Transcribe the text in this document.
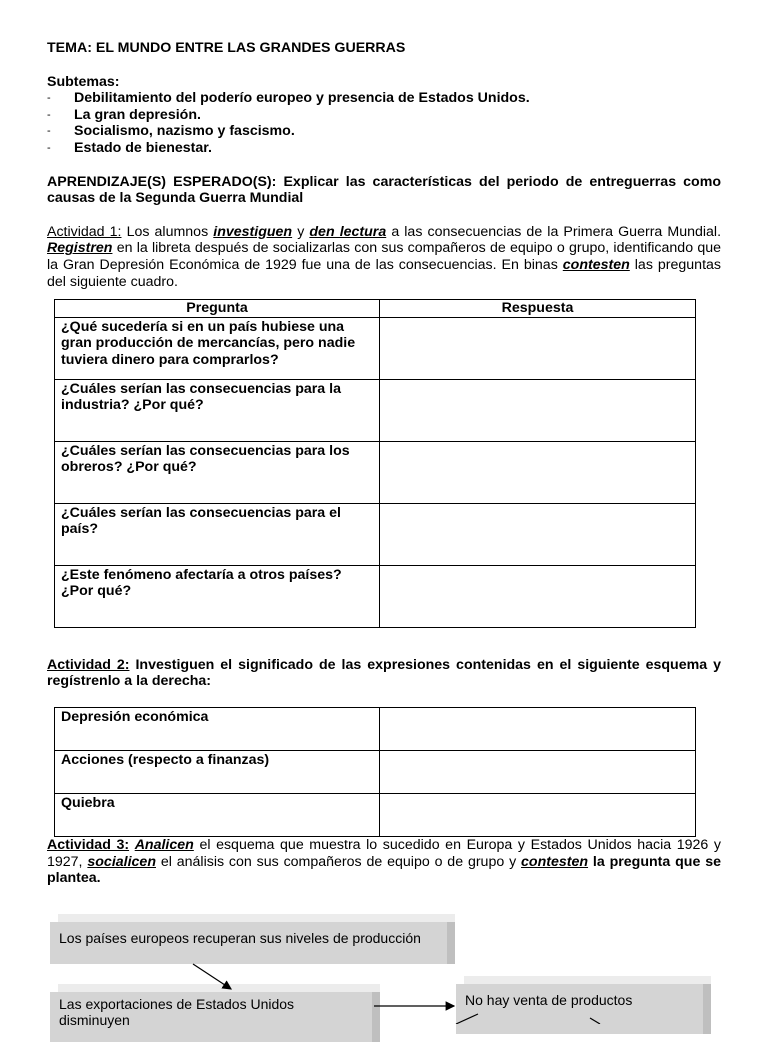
TEMA: EL MUNDO ENTRE LAS GRANDES GUERRAS

Subtemas:

- Debilitamiento del poderío europeo y presencia de Estados Unidos.
- La gran depresión.
- Socialismo, nazismo y fascismo.
- Estado de bienestar.

APRENDIZAJE(S) ESPERADO(S): Explicar las características del periodo de entreguerras como causas de la Segunda Guerra Mundial

Actividad 1: Los alumnos investiguen y den lectura a las consecuencias de la Primera Guerra Mundial. Registren en la libreta después de socializarlas con sus compañeros de equipo o grupo, identificando que la Gran Depresión Económica de 1929 fue una de las consecuencias. En binas contesten las preguntas del siguiente cuadro.

Pregunta	Respuesta
¿Qué sucedería si en un país hubiese una gran producción de mercancías, pero nadie tuviera dinero para comprarlos?	
¿Cuáles serían las consecuencias para la industria? ¿Por qué?	
¿Cuáles serían las consecuencias para los obreros? ¿Por qué?	
¿Cuáles serían las consecuencias para el país?	
¿Este fenómeno afectaría a otros países? ¿Por qué?	

Actividad 2: Investiguen el significado de las expresiones contenidas en el siguiente esquema y regístrenlo a la derecha:

Depresión económica	
Acciones (respecto a finanzas)	
Quiebra	

Actividad 3: Analicen el esquema que muestra lo sucedido en Europa y Estados Unidos hacia 1926 y 1927, socialicen el análisis con sus compañeros de equipo o de grupo y contesten la pregunta que se plantea.

Los países europeos recuperan sus niveles de producción
Las exportaciones de Estados Unidos disminuyen
No hay venta de productos
